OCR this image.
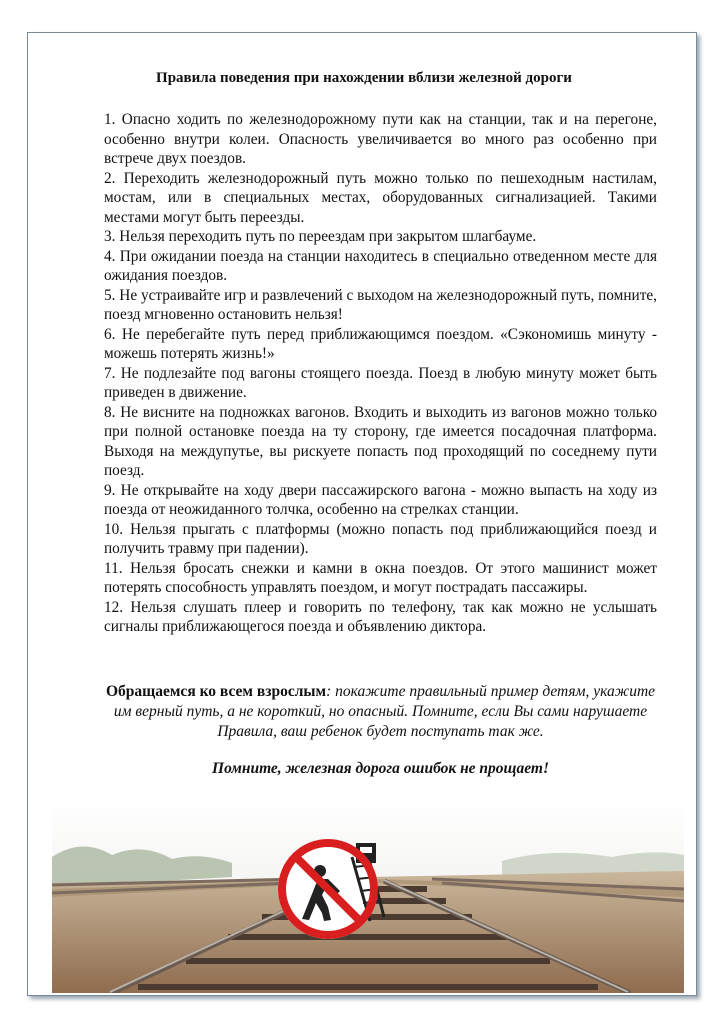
Правила поведения при нахождении вблизи железной дороги
1. Опасно ходить по железнодорожному пути как на станции, так и на перегоне, особенно внутри колеи. Опасность увеличивается во много раз особенно при встрече двух поездов.
2. Переходить железнодорожный путь можно только по пешеходным настилам, мостам, или в специальных местах, оборудованных сигнализацией. Такими местами могут быть переезды.
3. Нельзя переходить путь по переездам при закрытом шлагбауме.
4. При ожидании поезда на станции находитесь в специально отведенном месте для ожидания поездов.
5. Не устраивайте игр и развлечений с выходом на железнодорожный путь, помните, поезд мгновенно остановить нельзя!
6. Не перебегайте путь перед приближающимся поездом. «Сэкономишь минуту - можешь потерять жизнь!»
7. Не подлезайте под вагоны стоящего поезда. Поезд в любую минуту может быть приведен в движение.
8. Не висните на подножках вагонов. Входить и выходить из вагонов можно только при полной остановке поезда на ту сторону, где имеется посадочная платформа. Выходя на междупутье, вы рискуете попасть под проходящий по соседнему пути поезд.
9. Не открывайте на ходу двери пассажирского вагона - можно выпасть на ходу из поезда от неожиданного толчка, особенно на стрелках станции.
10. Нельзя прыгать с платформы (можно попасть под приближающийся поезд и получить травму при падении).
11. Нельзя бросать снежки и камни в окна поездов. От этого машинист может потерять способность управлять поездом, и могут пострадать пассажиры.
12. Нельзя слушать плеер и говорить по телефону, так как можно не услышать сигналы приближающегося поезда и объявлению диктора.
Обращаемся ко всем взрослым: покажите правильный пример детям, укажите им верный путь, а не короткий, но опасный. Помните, если Вы сами нарушаете Правила, ваш ребенок будет поступать так же.
Помните, железная дорога ошибок не прощает!
